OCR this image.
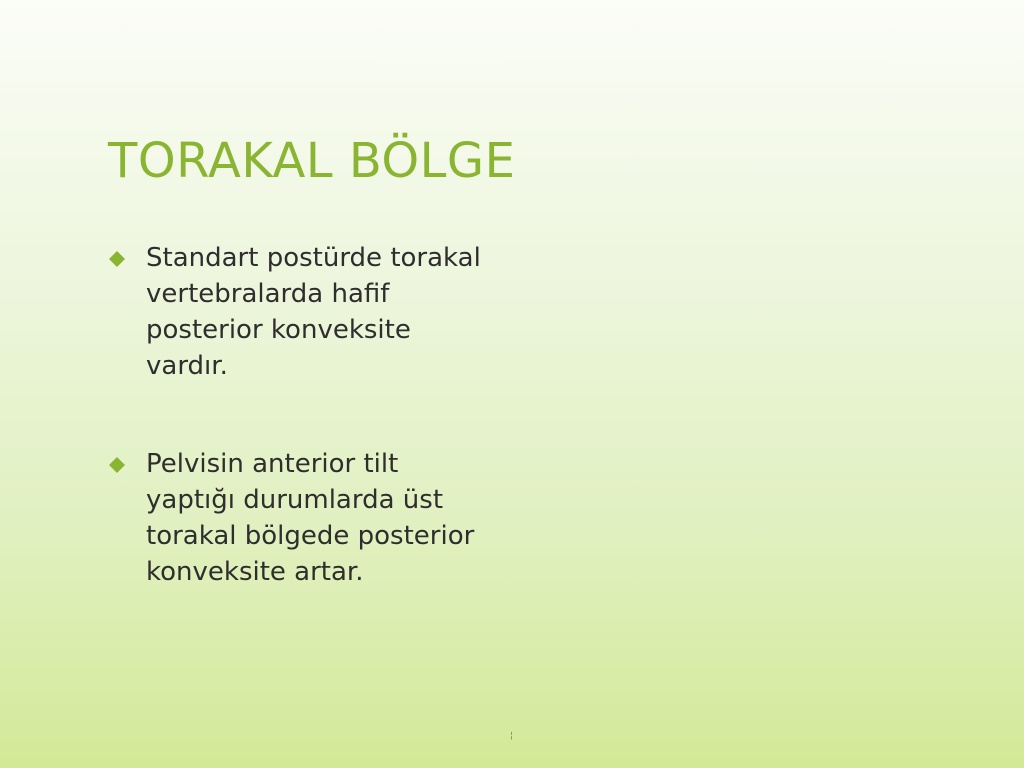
TORAKAL BÖLGE
Standart postürde torakal vertebralarda hafif posterior konveksite vardır.
Pelvisin anterior tilt yaptığı durumlarda üst torakal bölgede posterior konveksite artar.
¦
